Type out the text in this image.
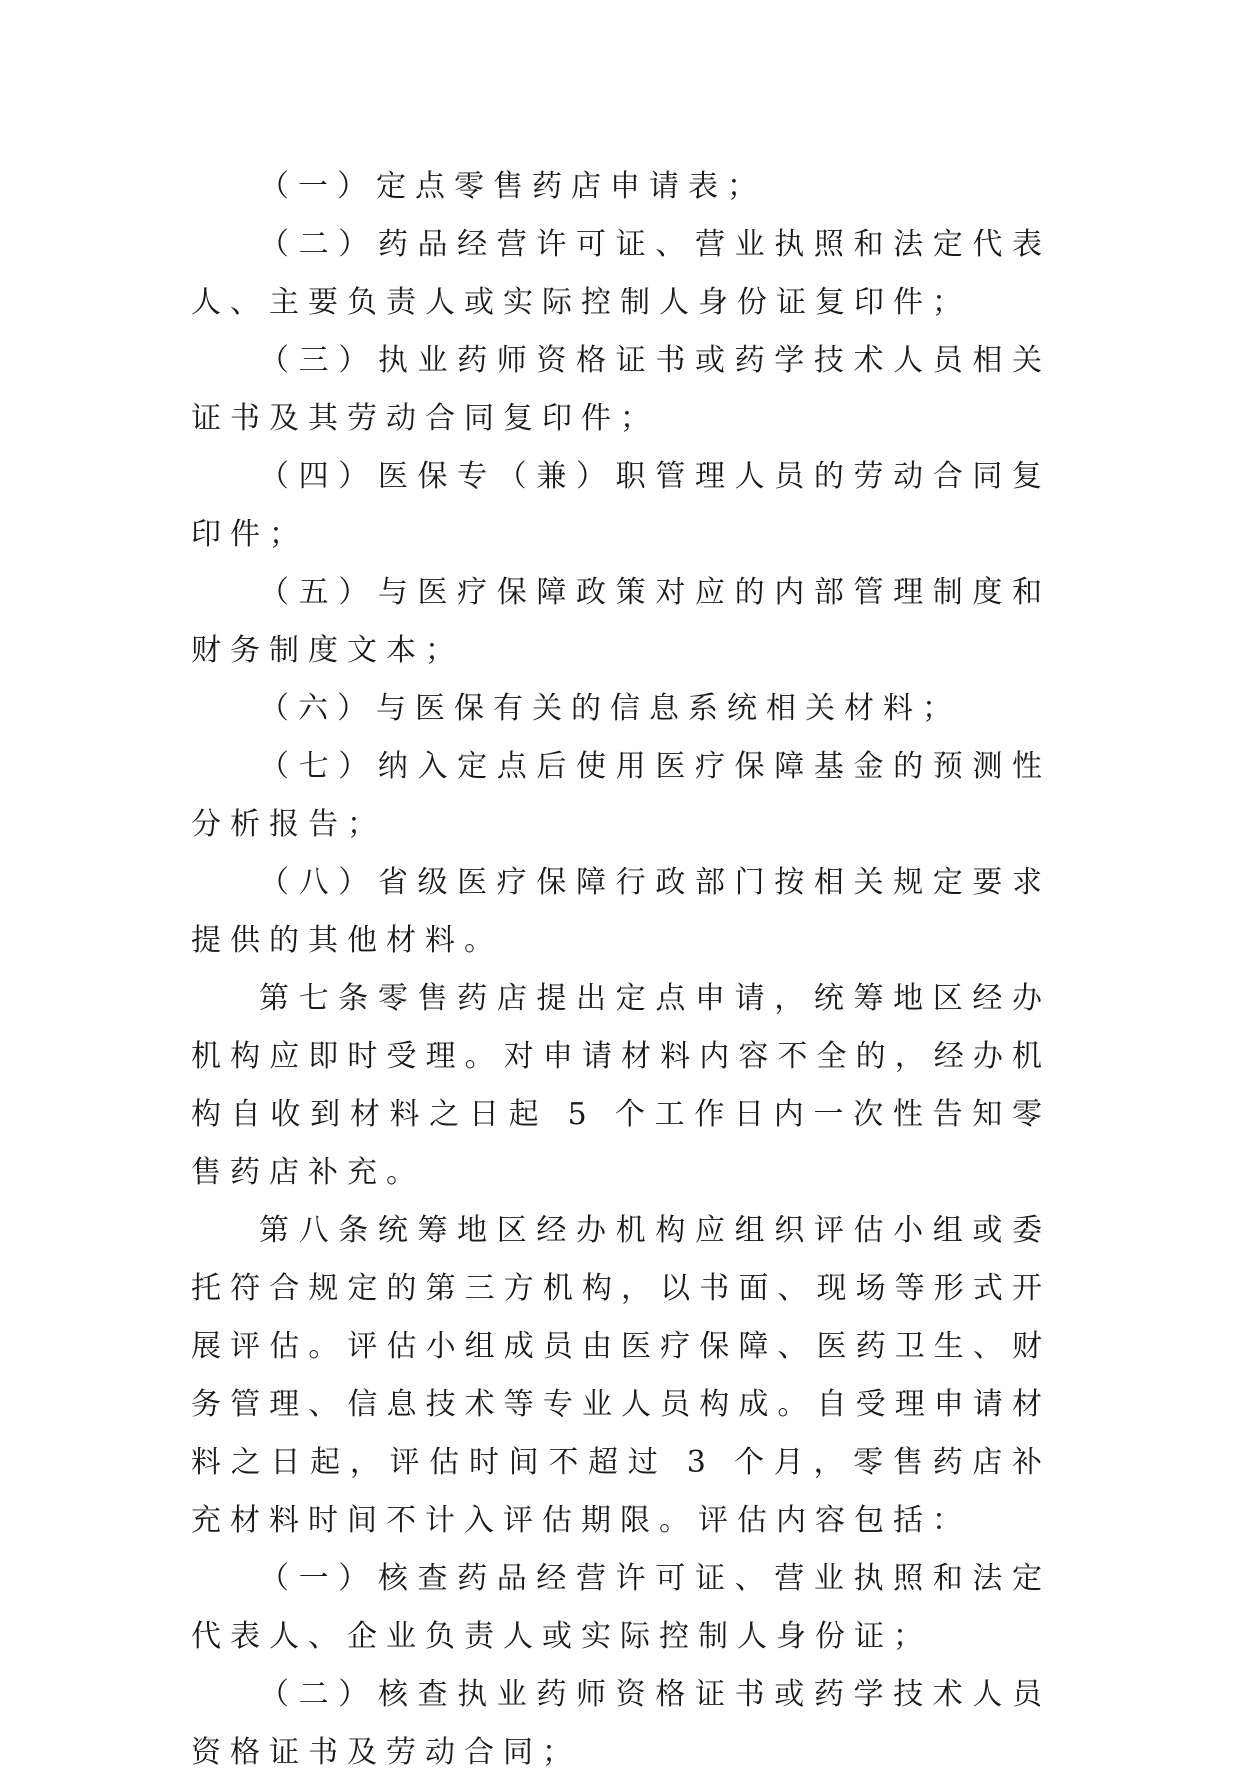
（一）定点零售药店申请表；

（二）药品经营许可证、营业执照和法定代表人、主要负责人或实际控制人身份证复印件；

（三）执业药师资格证书或药学技术人员相关证书及其劳动合同复印件；

（四）医保专（兼）职管理人员的劳动合同复印件；

（五）与医疗保障政策对应的内部管理制度和财务制度文本；

（六）与医保有关的信息系统相关材料；

（七）纳入定点后使用医疗保障基金的预测性分析报告；

（八）省级医疗保障行政部门按相关规定要求提供的其他材料。

第七条零售药店提出定点申请，统筹地区经办机构应即时受理。对申请材料内容不全的，经办机构自收到材料之日起 5 个工作日内一次性告知零售药店补充。

第八条统筹地区经办机构应组织评估小组或委托符合规定的第三方机构，以书面、现场等形式开展评估。评估小组成员由医疗保障、医药卫生、财务管理、信息技术等专业人员构成。自受理申请材料之日起，评估时间不超过 3 个月，零售药店补充材料时间不计入评估期限。评估内容包括：

（一）核查药品经营许可证、营业执照和法定代表人、企业负责人或实际控制人身份证；

（二）核查执业药师资格证书或药学技术人员资格证书及劳动合同；
